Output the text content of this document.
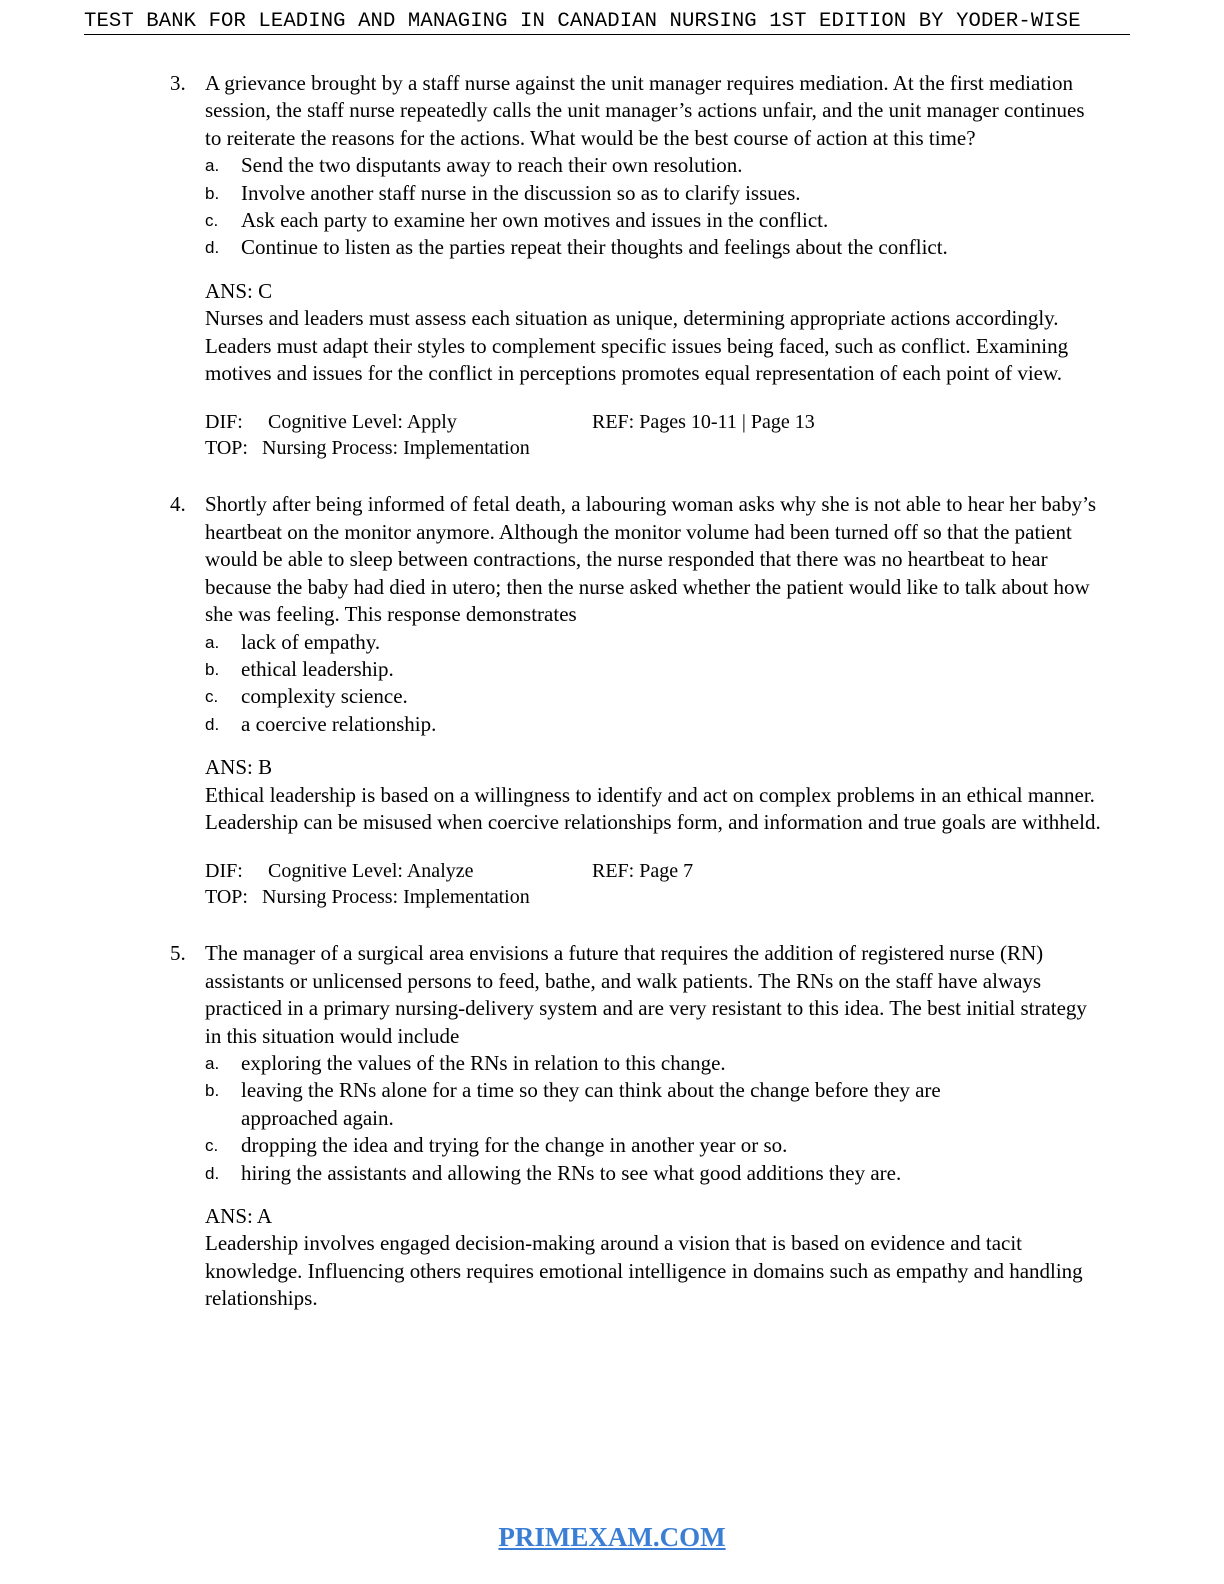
TEST BANK FOR LEADING AND MANAGING IN CANADIAN NURSING 1ST EDITION BY YODER-WISE
3. A grievance brought by a staff nurse against the unit manager requires mediation. At the first mediation session, the staff nurse repeatedly calls the unit manager’s actions unfair, and the unit manager continues to reiterate the reasons for the actions. What would be the best course of action at this time?
a. Send the two disputants away to reach their own resolution.
b. Involve another staff nurse in the discussion so as to clarify issues.
c. Ask each party to examine her own motives and issues in the conflict.
d. Continue to listen as the parties repeat their thoughts and feelings about the conflict.
ANS: C
Nurses and leaders must assess each situation as unique, determining appropriate actions accordingly. Leaders must adapt their styles to complement specific issues being faced, such as conflict. Examining motives and issues for the conflict in perceptions promotes equal representation of each point of view.
DIF: Cognitive Level: Apply	REF: Pages 10-11 | Page 13
TOP: Nursing Process: Implementation
4. Shortly after being informed of fetal death, a labouring woman asks why she is not able to hear her baby’s heartbeat on the monitor anymore. Although the monitor volume had been turned off so that the patient would be able to sleep between contractions, the nurse responded that there was no heartbeat to hear because the baby had died in utero; then the nurse asked whether the patient would like to talk about how she was feeling. This response demonstrates
a. lack of empathy.
b. ethical leadership.
c. complexity science.
d. a coercive relationship.
ANS: B
Ethical leadership is based on a willingness to identify and act on complex problems in an ethical manner. Leadership can be misused when coercive relationships form, and information and true goals are withheld.
DIF: Cognitive Level: Analyze	REF: Page 7
TOP: Nursing Process: Implementation
5. The manager of a surgical area envisions a future that requires the addition of registered nurse (RN) assistants or unlicensed persons to feed, bathe, and walk patients. The RNs on the staff have always practiced in a primary nursing-delivery system and are very resistant to this idea. The best initial strategy in this situation would include
a. exploring the values of the RNs in relation to this change.
b. leaving the RNs alone for a time so they can think about the change before they are approached again.
c. dropping the idea and trying for the change in another year or so.
d. hiring the assistants and allowing the RNs to see what good additions they are.
ANS: A
Leadership involves engaged decision-making around a vision that is based on evidence and tacit knowledge. Influencing others requires emotional intelligence in domains such as empathy and handling relationships.
PRIMEXAM.COM
